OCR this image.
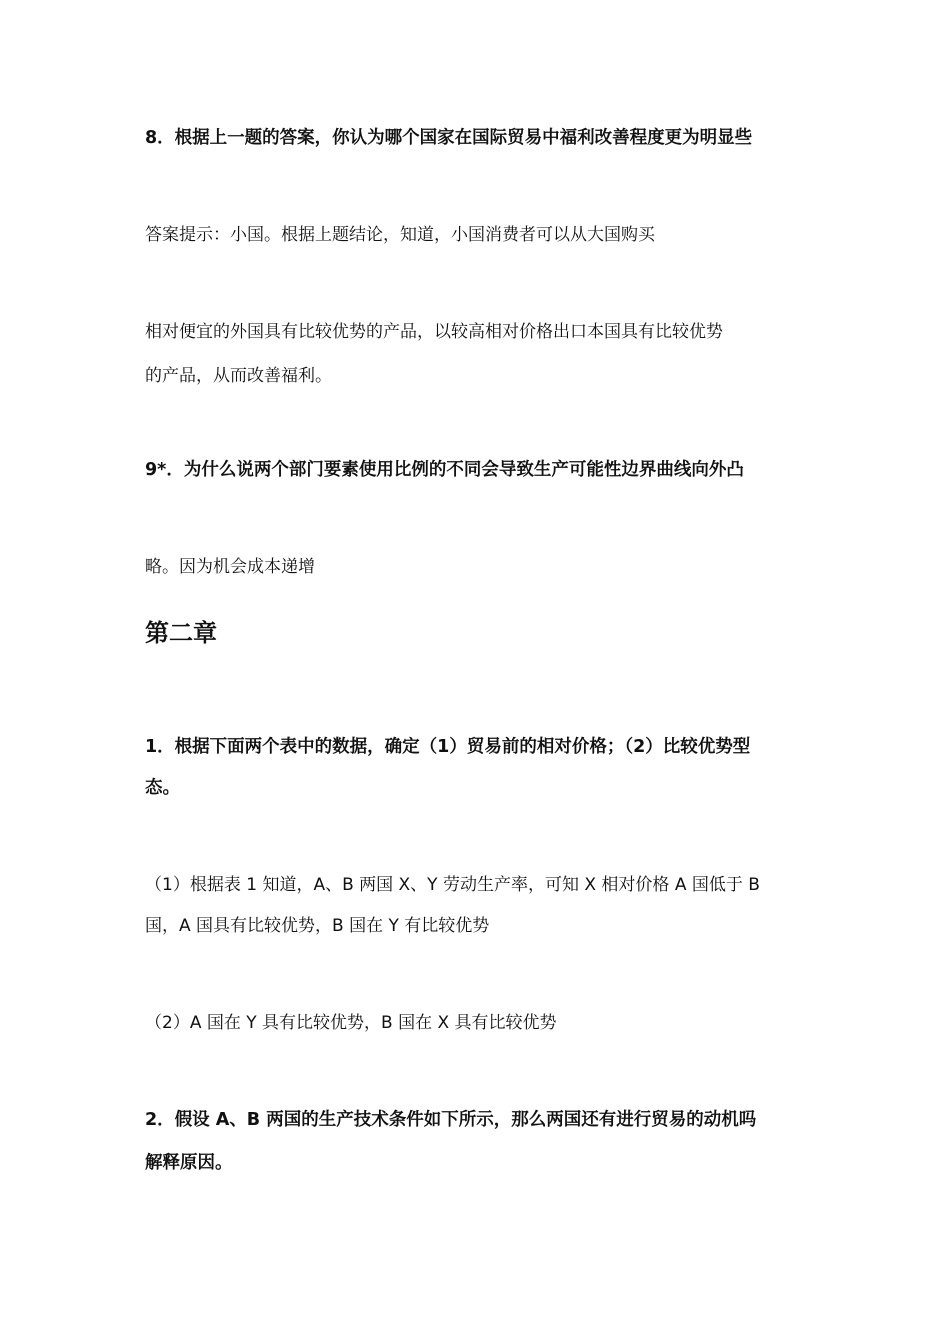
8．根据上一题的答案，你认为哪个国家在国际贸易中福利改善程度更为明显些
答案提示：小国。根据上题结论，知道，小国消费者可以从大国购买
相对便宜的外国具有比较优势的产品，以较高相对价格出口本国具有比较优势
的产品，从而改善福利。
9*．为什么说两个部门要素使用比例的不同会导致生产可能性边界曲线向外凸
略。因为机会成本递增
第二章
1．根据下面两个表中的数据，确定（1）贸易前的相对价格；（2）比较优势型
态。
（1）根据表 1 知道，A、B 两国 X、Y 劳动生产率，可知 X 相对价格 A 国低于 B
国，A 国具有比较优势，B 国在 Y 有比较优势
（2）A 国在 Y 具有比较优势，B 国在 X 具有比较优势
2．假设 A、B 两国的生产技术条件如下所示，那么两国还有进行贸易的动机吗
解释原因。
